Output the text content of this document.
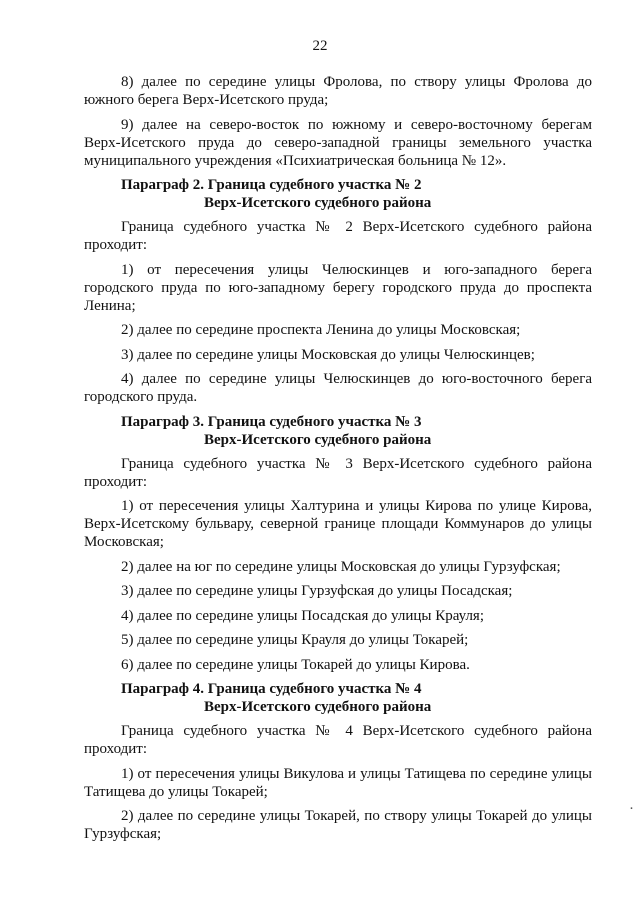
22

8) далее по середине улицы Фролова, по створу улицы Фролова до южного берега Верх-Исетского пруда;

9) далее на северо-восток по южному и северо-восточному берегам Верх-Исетского пруда до северо-западной границы земельного участка муниципального учреждения «Психиатрическая больница № 12».

Параграф 2. Граница судебного участка № 2
Верх-Исетского судебного района

Граница судебного участка № 2 Верх-Исетского судебного района проходит:

1) от пересечения улицы Челюскинцев и юго-западного берега городского пруда по юго-западному берегу городского пруда до проспекта Ленина;

2) далее по середине проспекта Ленина до улицы Московская;

3) далее по середине улицы Московская до улицы Челюскинцев;

4) далее по середине улицы Челюскинцев до юго-восточного берега городского пруда.

Параграф 3. Граница судебного участка № 3
Верх-Исетского судебного района

Граница судебного участка № 3 Верх-Исетского судебного района проходит:

1) от пересечения улицы Халтурина и улицы Кирова по улице Кирова, Верх-Исетскому бульвару, северной границе площади Коммунаров до улицы Московская;

2) далее на юг по середине улицы Московская до улицы Гурзуфская;

3) далее по середине улицы Гурзуфская до улицы Посадская;

4) далее по середине улицы Посадская до улицы Крауля;

5) далее по середине улицы Крауля до улицы Токарей;

6) далее по середине улицы Токарей до улицы Кирова.

Параграф 4. Граница судебного участка № 4
Верх-Исетского судебного района

Граница судебного участка № 4 Верх-Исетского судебного района проходит:

1) от пересечения улицы Викулова и улицы Татищева по середине улицы Татищева до улицы Токарей;

2) далее по середине улицы Токарей, по створу улицы Токарей до улицы Гурзуфская;

·
